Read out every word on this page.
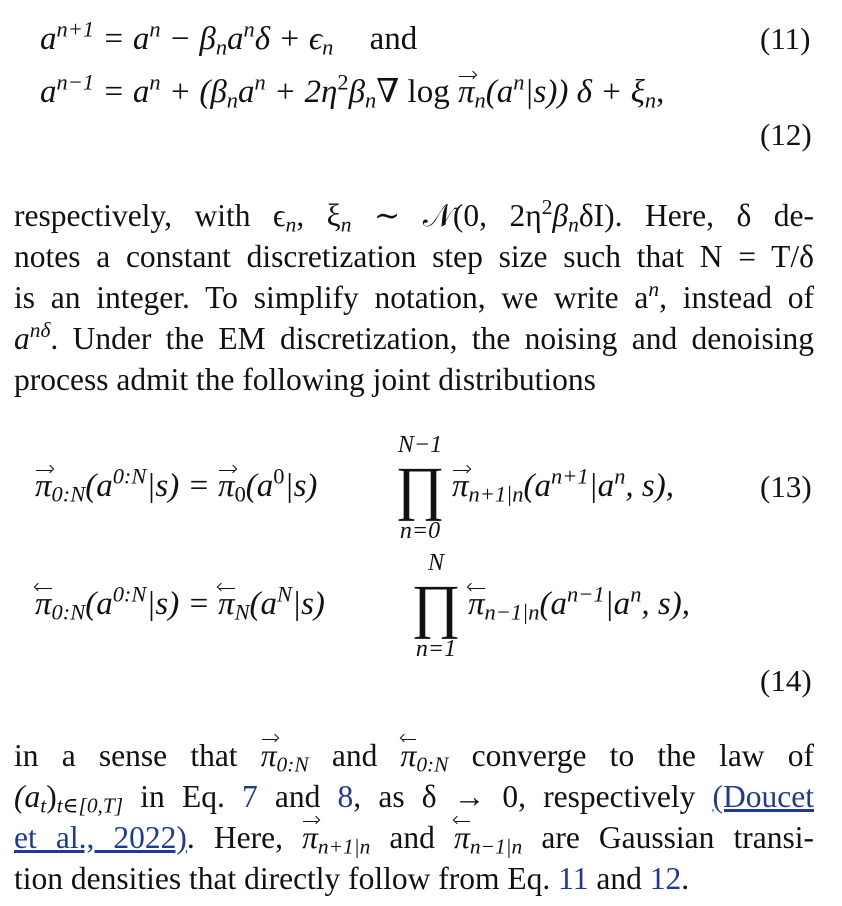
$a^{n+1} = a^n - \beta_na^n\delta + \epsilon_n$ and	(11)
$a^{n-1} = a^n + (\beta_na^n + 2\eta^2\beta_n\nabla$ $\log \pi_n(a^n|s)$) $\delta + \xi_n$,
(12)
respectively, with $\epsilon_n$, $\xi_n$ ∼ 𝒩(0, $2\eta^2\beta_n\delta I$). Here, δ de-
notes a constant discretization step size such that N = T/δ
is an integer. To simplify notation, we write $a^n$, instead of
$a^{n\delta}$. Under the EM discretization, the noising and denoising
process admit the following joint distributions
$\pi_{0:N}(a^{0:N}|s) = \pi_0(a^0|s)$
N−1
∏
n=0
$\pi_{n+1|n}(a^{n+1}|a^n$, s),	(13)
$\pi_{0:N}(a^{0:N}|s) = \pi_N(a^N|s)$
N
∏
n=1
$\pi_{n-1|n}(a^{n-1}|a^n$, s),
(14)
in a sense that $\pi_{0:N}$ and $\pi_{0:N}$ converge to the law of
$(a_t)_{t\in[0,T]}$ in Eq. 7 and 8, as δ → 0, respectively (Doucet
et al., 2022). Here, $\pi_{n+1|n}$ and $\pi_{n-1|n}$ are Gaussian transi-
tion densities that directly follow from Eq. 11 and 12.
